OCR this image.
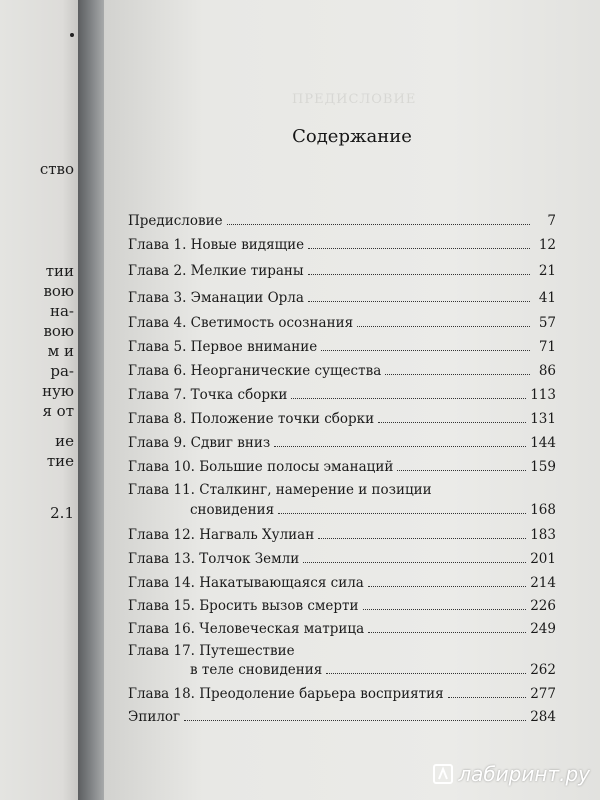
ство
тии
вою
на-
вою
м и
ра-
ную
я от
ие
тие
2.1
ПРЕДИСЛОВИЕ
Содержание
Предисловие	7
Глава 1. Новые видящие	12
Глава 2. Мелкие тираны	21
Глава 3. Эманации Орла	41
Глава 4. Светимость осознания	57
Глава 5. Первое внимание	71
Глава 6. Неорганические существа	86
Глава 7. Точка сборки	113
Глава 8. Положение точки сборки	131
Глава 9. Сдвиг вниз	144
Глава 10. Большие полосы эманаций	159
Глава 11. Сталкинг, намерение и позиции
сновидения	168
Глава 12. Нагваль Хулиан	183
Глава 13. Толчок Земли	201
Глава 14. Накатывающаяся сила	214
Глава 15. Бросить вызов смерти	226
Глава 16. Человеческая матрица	249
Глава 17. Путешествие
в теле сновидения	262
Глава 18. Преодоление барьера восприятия	277
Эпилог	284
лабиринт.ру
